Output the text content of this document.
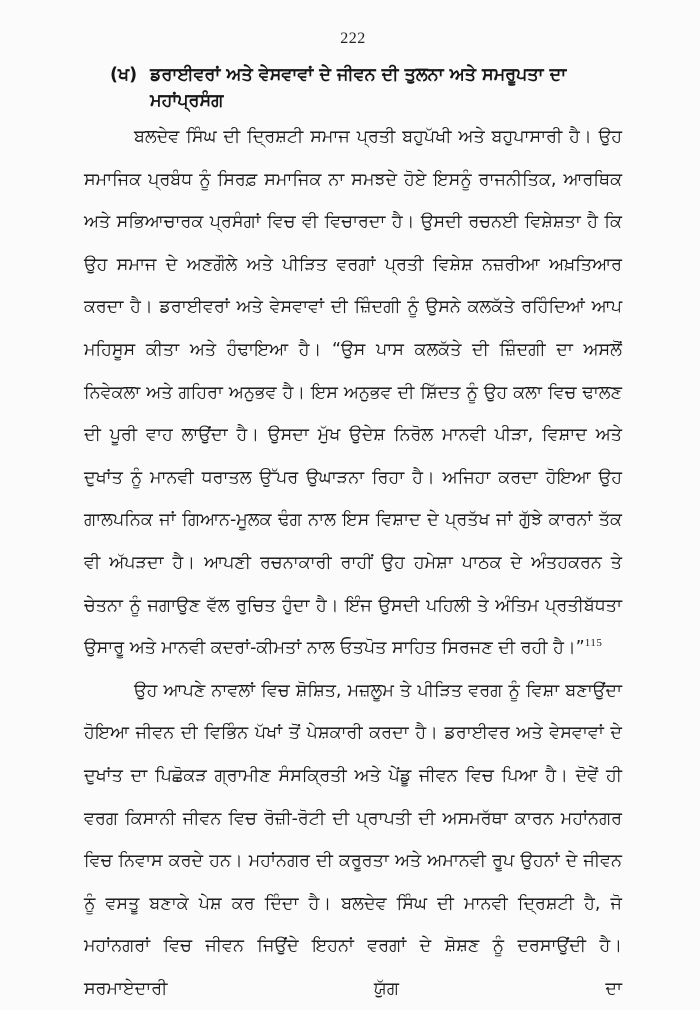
222
(ਖ) ਡਰਾਈਵਰਾਂ ਅਤੇ ਵੇਸਵਾਵਾਂ ਦੇ ਜੀਵਨ ਦੀ ਤੁਲਨਾ ਅਤੇ ਸਮਰੂਪਤਾ ਦਾ ਮਹਾਂਪ੍ਰਸੰਗ

ਬਲਦੇਵ ਸਿੰਘ ਦੀ ਦ੍ਰਿਸ਼ਟੀ ਸਮਾਜ ਪ੍ਰਤੀ ਬਹੁਪੱਖੀ ਅਤੇ ਬਹੁਪਾਸਾਰੀ ਹੈ। ਉਹ ਸਮਾਜਿਕ ਪ੍ਰਬੰਧ ਨੂੰ ਸਿਰਫ਼ ਸਮਾਜਿਕ ਨਾ ਸਮਝਦੇ ਹੋਏ ਇਸਨੂੰ ਰਾਜਨੀਤਿਕ, ਆਰਥਿਕ ਅਤੇ ਸਭਿਆਚਾਰਕ ਪ੍ਰਸੰਗਾਂ ਵਿਚ ਵੀ ਵਿਚਾਰਦਾ ਹੈ। ਉਸਦੀ ਰਚਨਈ ਵਿਸ਼ੇਸ਼ਤਾ ਹੈ ਕਿ ਉਹ ਸਮਾਜ ਦੇ ਅਣਗੌਲੇ ਅਤੇ ਪੀੜਿਤ ਵਰਗਾਂ ਪ੍ਰਤੀ ਵਿਸ਼ੇਸ਼ ਨਜ਼ਰੀਆ ਅਖ਼ਤਿਆਰ ਕਰਦਾ ਹੈ। ਡਰਾਈਵਰਾਂ ਅਤੇ ਵੇਸਵਾਵਾਂ ਦੀ ਜ਼ਿੰਦਗੀ ਨੂੰ ਉਸਨੇ ਕਲਕੱਤੇ ਰਹਿੰਦਿਆਂ ਆਪ ਮਹਿਸੂਸ ਕੀਤਾ ਅਤੇ ਹੰਢਾਇਆ ਹੈ। “ਉਸ ਪਾਸ ਕਲਕੱਤੇ ਦੀ ਜ਼ਿੰਦਗੀ ਦਾ ਅਸਲੋਂ ਨਿਵੇਕਲਾ ਅਤੇ ਗਹਿਰਾ ਅਨੁਭਵ ਹੈ। ਇਸ ਅਨੁਭਵ ਦੀ ਸ਼ਿੱਦਤ ਨੂੰ ਉਹ ਕਲਾ ਵਿਚ ਢਾਲਣ ਦੀ ਪੂਰੀ ਵਾਹ ਲਾਉਂਦਾ ਹੈ। ਉਸਦਾ ਮੁੱਖ ਉਦੇਸ਼ ਨਿਰੋਲ ਮਾਨਵੀ ਪੀੜਾ, ਵਿਸ਼ਾਦ ਅਤੇ ਦੁਖਾਂਤ ਨੂੰ ਮਾਨਵੀ ਧਰਾਤਲ ਉੱਪਰ ਉਘਾੜਨਾ ਰਿਹਾ ਹੈ। ਅਜਿਹਾ ਕਰਦਾ ਹੋਇਆ ਉਹ ਗਾਲਪਨਿਕ ਜਾਂ ਗਿਆਨ-ਮੂਲਕ ਢੰਗ ਨਾਲ ਇਸ ਵਿਸ਼ਾਦ ਦੇ ਪ੍ਰਤੱਖ ਜਾਂ ਗੁੱਝੇ ਕਾਰਨਾਂ ਤੱਕ ਵੀ ਅੱਪੜਦਾ ਹੈ। ਆਪਣੀ ਰਚਨਾਕਾਰੀ ਰਾਹੀਂ ਉਹ ਹਮੇਸ਼ਾ ਪਾਠਕ ਦੇ ਅੰਤਹਕਰਨ ਤੇ ਚੇਤਨਾ ਨੂੰ ਜਗਾਉਣ ਵੱਲ ਰੁਚਿਤ ਹੁੰਦਾ ਹੈ। ਇੰਜ ਉਸਦੀ ਪਹਿਲੀ ਤੇ ਅੰਤਿਮ ਪ੍ਰਤੀਬੱਧਤਾ ਉਸਾਰੂ ਅਤੇ ਮਾਨਵੀ ਕਦਰਾਂ-ਕੀਮਤਾਂ ਨਾਲ ਓਤਪੋਤ ਸਾਹਿਤ ਸਿਰਜਣ ਦੀ ਰਹੀ ਹੈ।”$^{115}$

ਉਹ ਆਪਣੇ ਨਾਵਲਾਂ ਵਿਚ ਸ਼ੋਸ਼ਿਤ, ਮਜ਼ਲੂਮ ਤੇ ਪੀੜਿਤ ਵਰਗ ਨੂੰ ਵਿਸ਼ਾ ਬਣਾਉਂਦਾ ਹੋਇਆ ਜੀਵਨ ਦੀ ਵਿਭਿੰਨ ਪੱਖਾਂ ਤੋਂ ਪੇਸ਼ਕਾਰੀ ਕਰਦਾ ਹੈ। ਡਰਾਈਵਰ ਅਤੇ ਵੇਸਵਾਵਾਂ ਦੇ ਦੁਖਾਂਤ ਦਾ ਪਿਛੋਕੜ ਗ੍ਰਾਮੀਣ ਸੰਸਕ੍ਰਿਤੀ ਅਤੇ ਪੇਂਡੂ ਜੀਵਨ ਵਿਚ ਪਿਆ ਹੈ। ਦੋਵੇਂ ਹੀ ਵਰਗ ਕਿਸਾਨੀ ਜੀਵਨ ਵਿਚ ਰੋਜ਼ੀ-ਰੋਟੀ ਦੀ ਪ੍ਰਾਪਤੀ ਦੀ ਅਸਮਰੱਥਾ ਕਾਰਨ ਮਹਾਂਨਗਰ ਵਿਚ ਨਿਵਾਸ ਕਰਦੇ ਹਨ। ਮਹਾਂਨਗਰ ਦੀ ਕਰੂਰਤਾ ਅਤੇ ਅਮਾਨਵੀ ਰੂਪ ਉਹਨਾਂ ਦੇ ਜੀਵਨ ਨੂੰ ਵਸਤੂ ਬਣਾਕੇ ਪੇਸ਼ ਕਰ ਦਿੰਦਾ ਹੈ। ਬਲਦੇਵ ਸਿੰਘ ਦੀ ਮਾਨਵੀ ਦ੍ਰਿਸ਼ਟੀ ਹੈ, ਜੋ ਮਹਾਂਨਗਰਾਂ ਵਿਚ ਜੀਵਨ ਜਿਉਂਦੇ ਇਹਨਾਂ ਵਰਗਾਂ ਦੇ ਸ਼ੋਸ਼ਣ ਨੂੰ ਦਰਸਾਉਂਦੀ ਹੈ। ਸਰਮਾਏਦਾਰੀ ਯੁੱਗ ਦਾ
